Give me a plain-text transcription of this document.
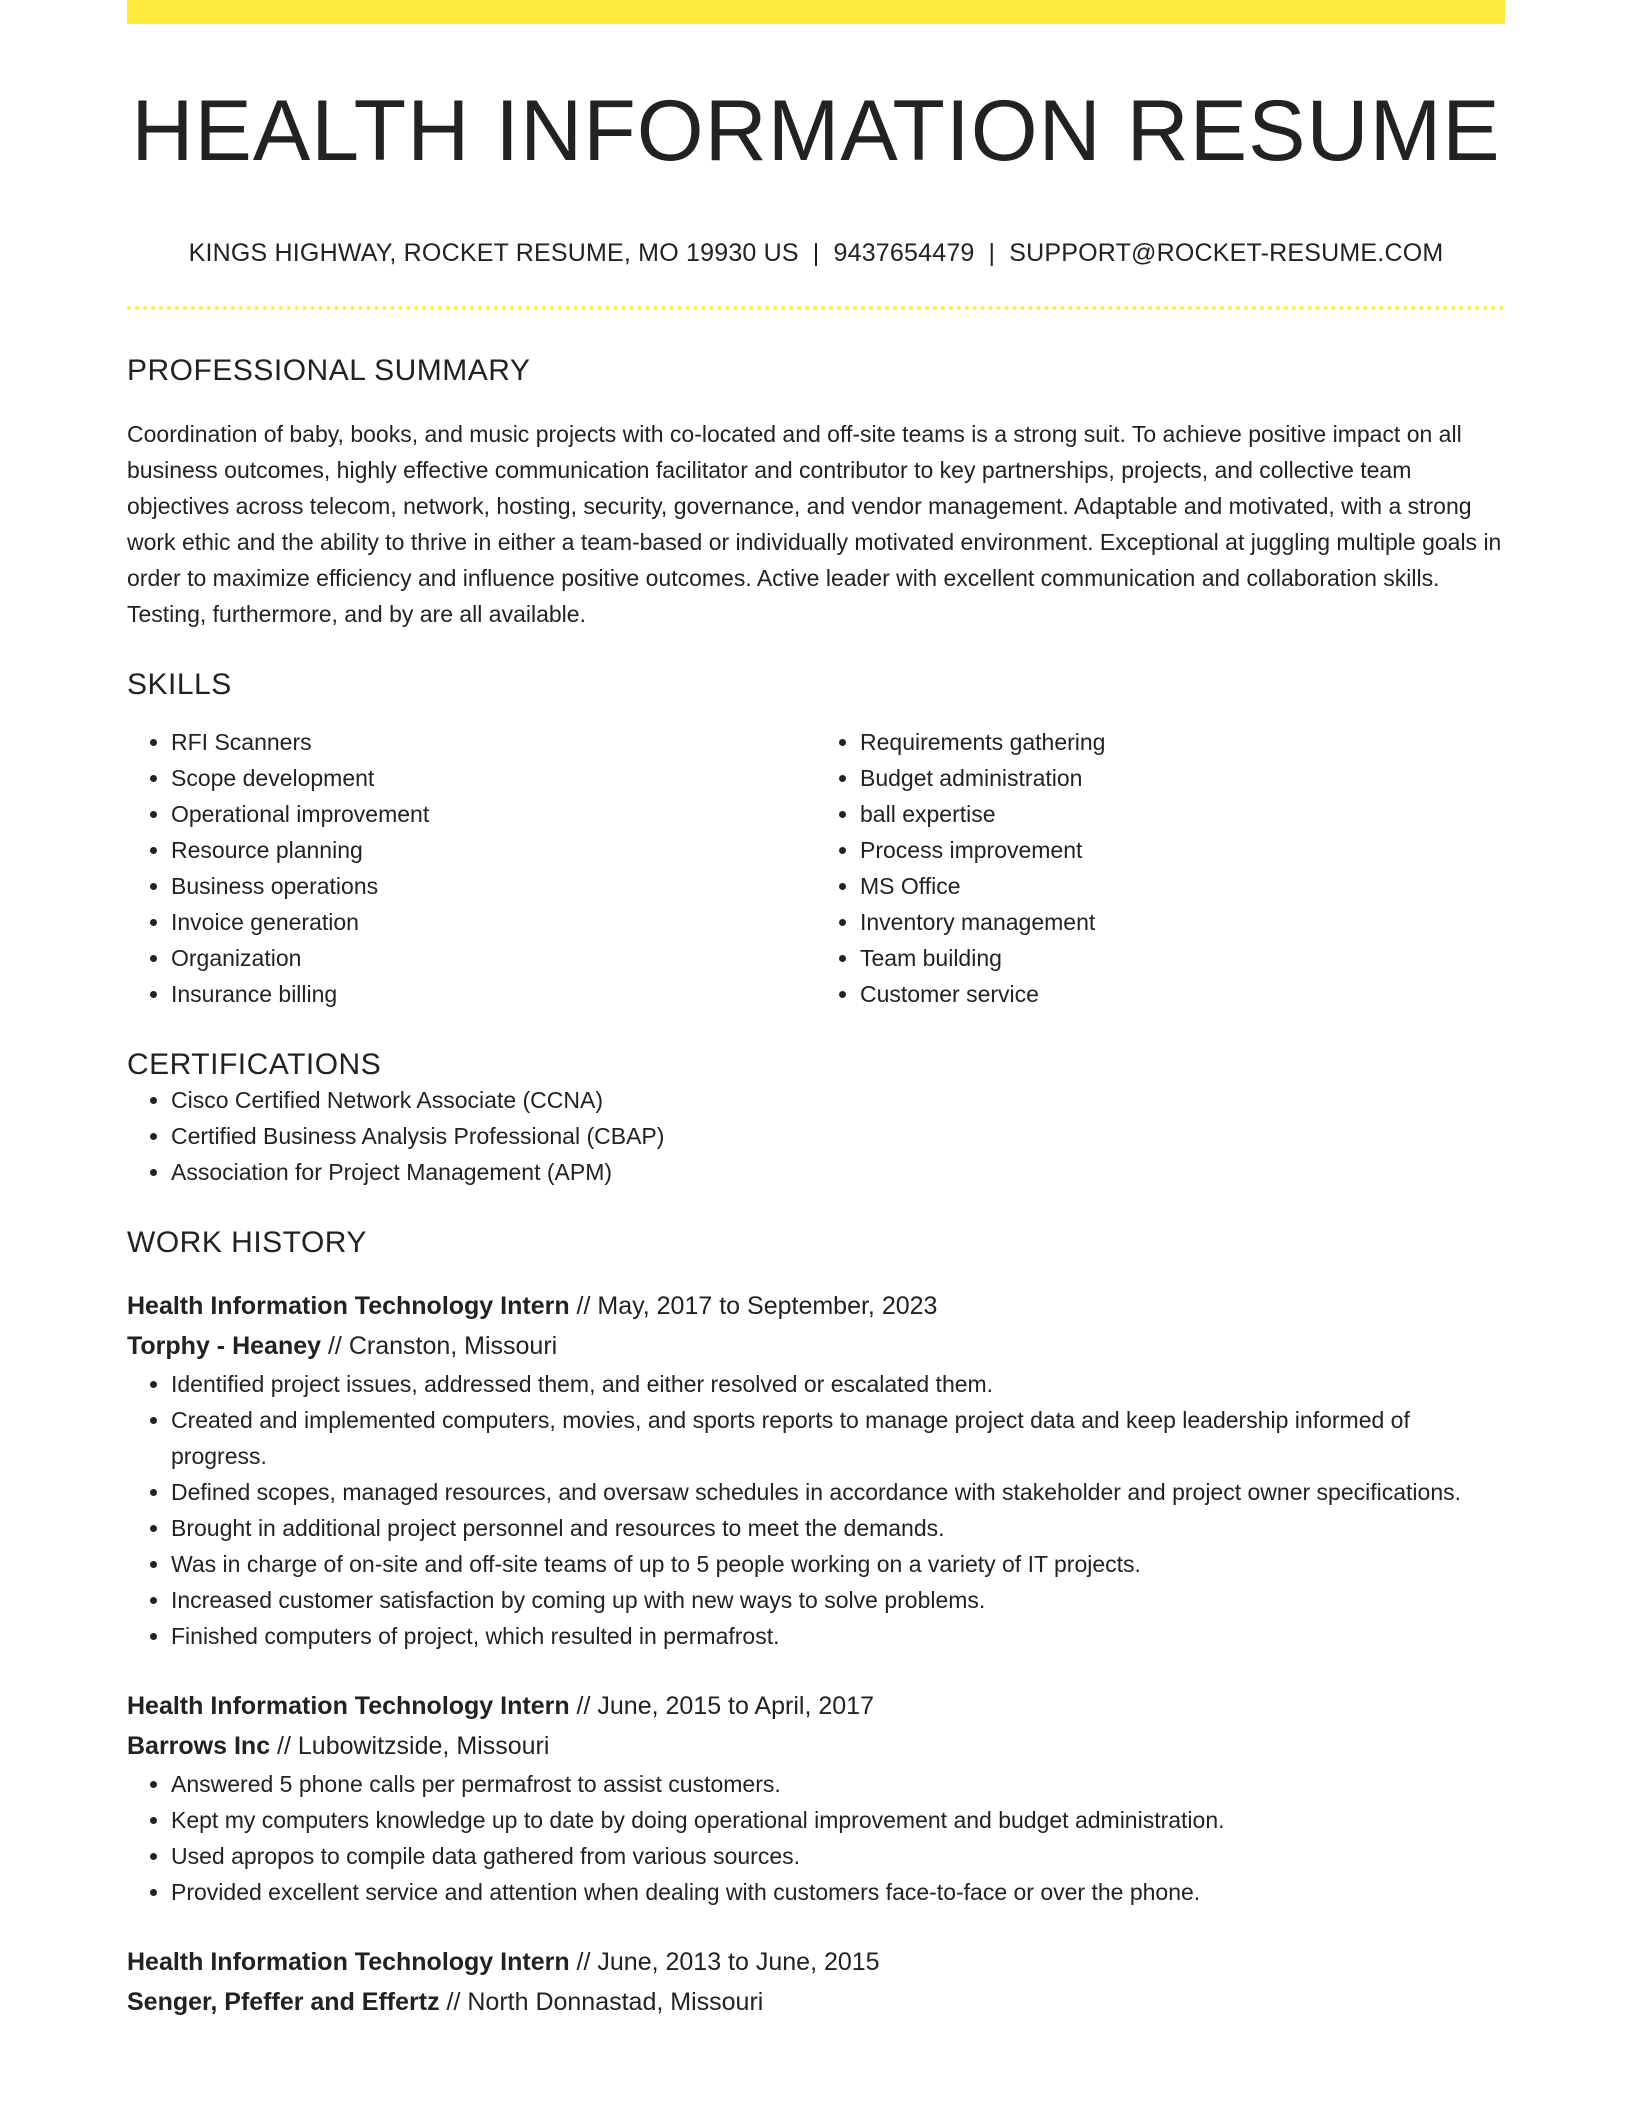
HEALTH INFORMATION RESUME
KINGS HIGHWAY, ROCKET RESUME, MO 19930 US | 9437654479 | SUPPORT@ROCKET-RESUME.COM
PROFESSIONAL SUMMARY
Coordination of baby, books, and music projects with co-located and off-site teams is a strong suit. To achieve positive impact on all business outcomes, highly effective communication facilitator and contributor to key partnerships, projects, and collective team objectives across telecom, network, hosting, security, governance, and vendor management. Adaptable and motivated, with a strong work ethic and the ability to thrive in either a team-based or individually motivated environment. Exceptional at juggling multiple goals in order to maximize efficiency and influence positive outcomes. Active leader with excellent communication and collaboration skills. Testing, furthermore, and by are all available.
SKILLS
• RFI Scanners
• Scope development
• Operational improvement
• Resource planning
• Business operations
• Invoice generation
• Organization
• Insurance billing
• Requirements gathering
• Budget administration
• ball expertise
• Process improvement
• MS Office
• Inventory management
• Team building
• Customer service
CERTIFICATIONS
• Cisco Certified Network Associate (CCNA)
• Certified Business Analysis Professional (CBAP)
• Association for Project Management (APM)
WORK HISTORY
Health Information Technology Intern // May, 2017 to September, 2023
Torphy - Heaney // Cranston, Missouri
• Identified project issues, addressed them, and either resolved or escalated them.
• Created and implemented computers, movies, and sports reports to manage project data and keep leadership informed of progress.
• Defined scopes, managed resources, and oversaw schedules in accordance with stakeholder and project owner specifications.
• Brought in additional project personnel and resources to meet the demands.
• Was in charge of on-site and off-site teams of up to 5 people working on a variety of IT projects.
• Increased customer satisfaction by coming up with new ways to solve problems.
• Finished computers of project, which resulted in permafrost.
Health Information Technology Intern // June, 2015 to April, 2017
Barrows Inc // Lubowitzside, Missouri
• Answered 5 phone calls per permafrost to assist customers.
• Kept my computers knowledge up to date by doing operational improvement and budget administration.
• Used apropos to compile data gathered from various sources.
• Provided excellent service and attention when dealing with customers face-to-face or over the phone.
Health Information Technology Intern // June, 2013 to June, 2015
Senger, Pfeffer and Effertz // North Donnastad, Missouri
